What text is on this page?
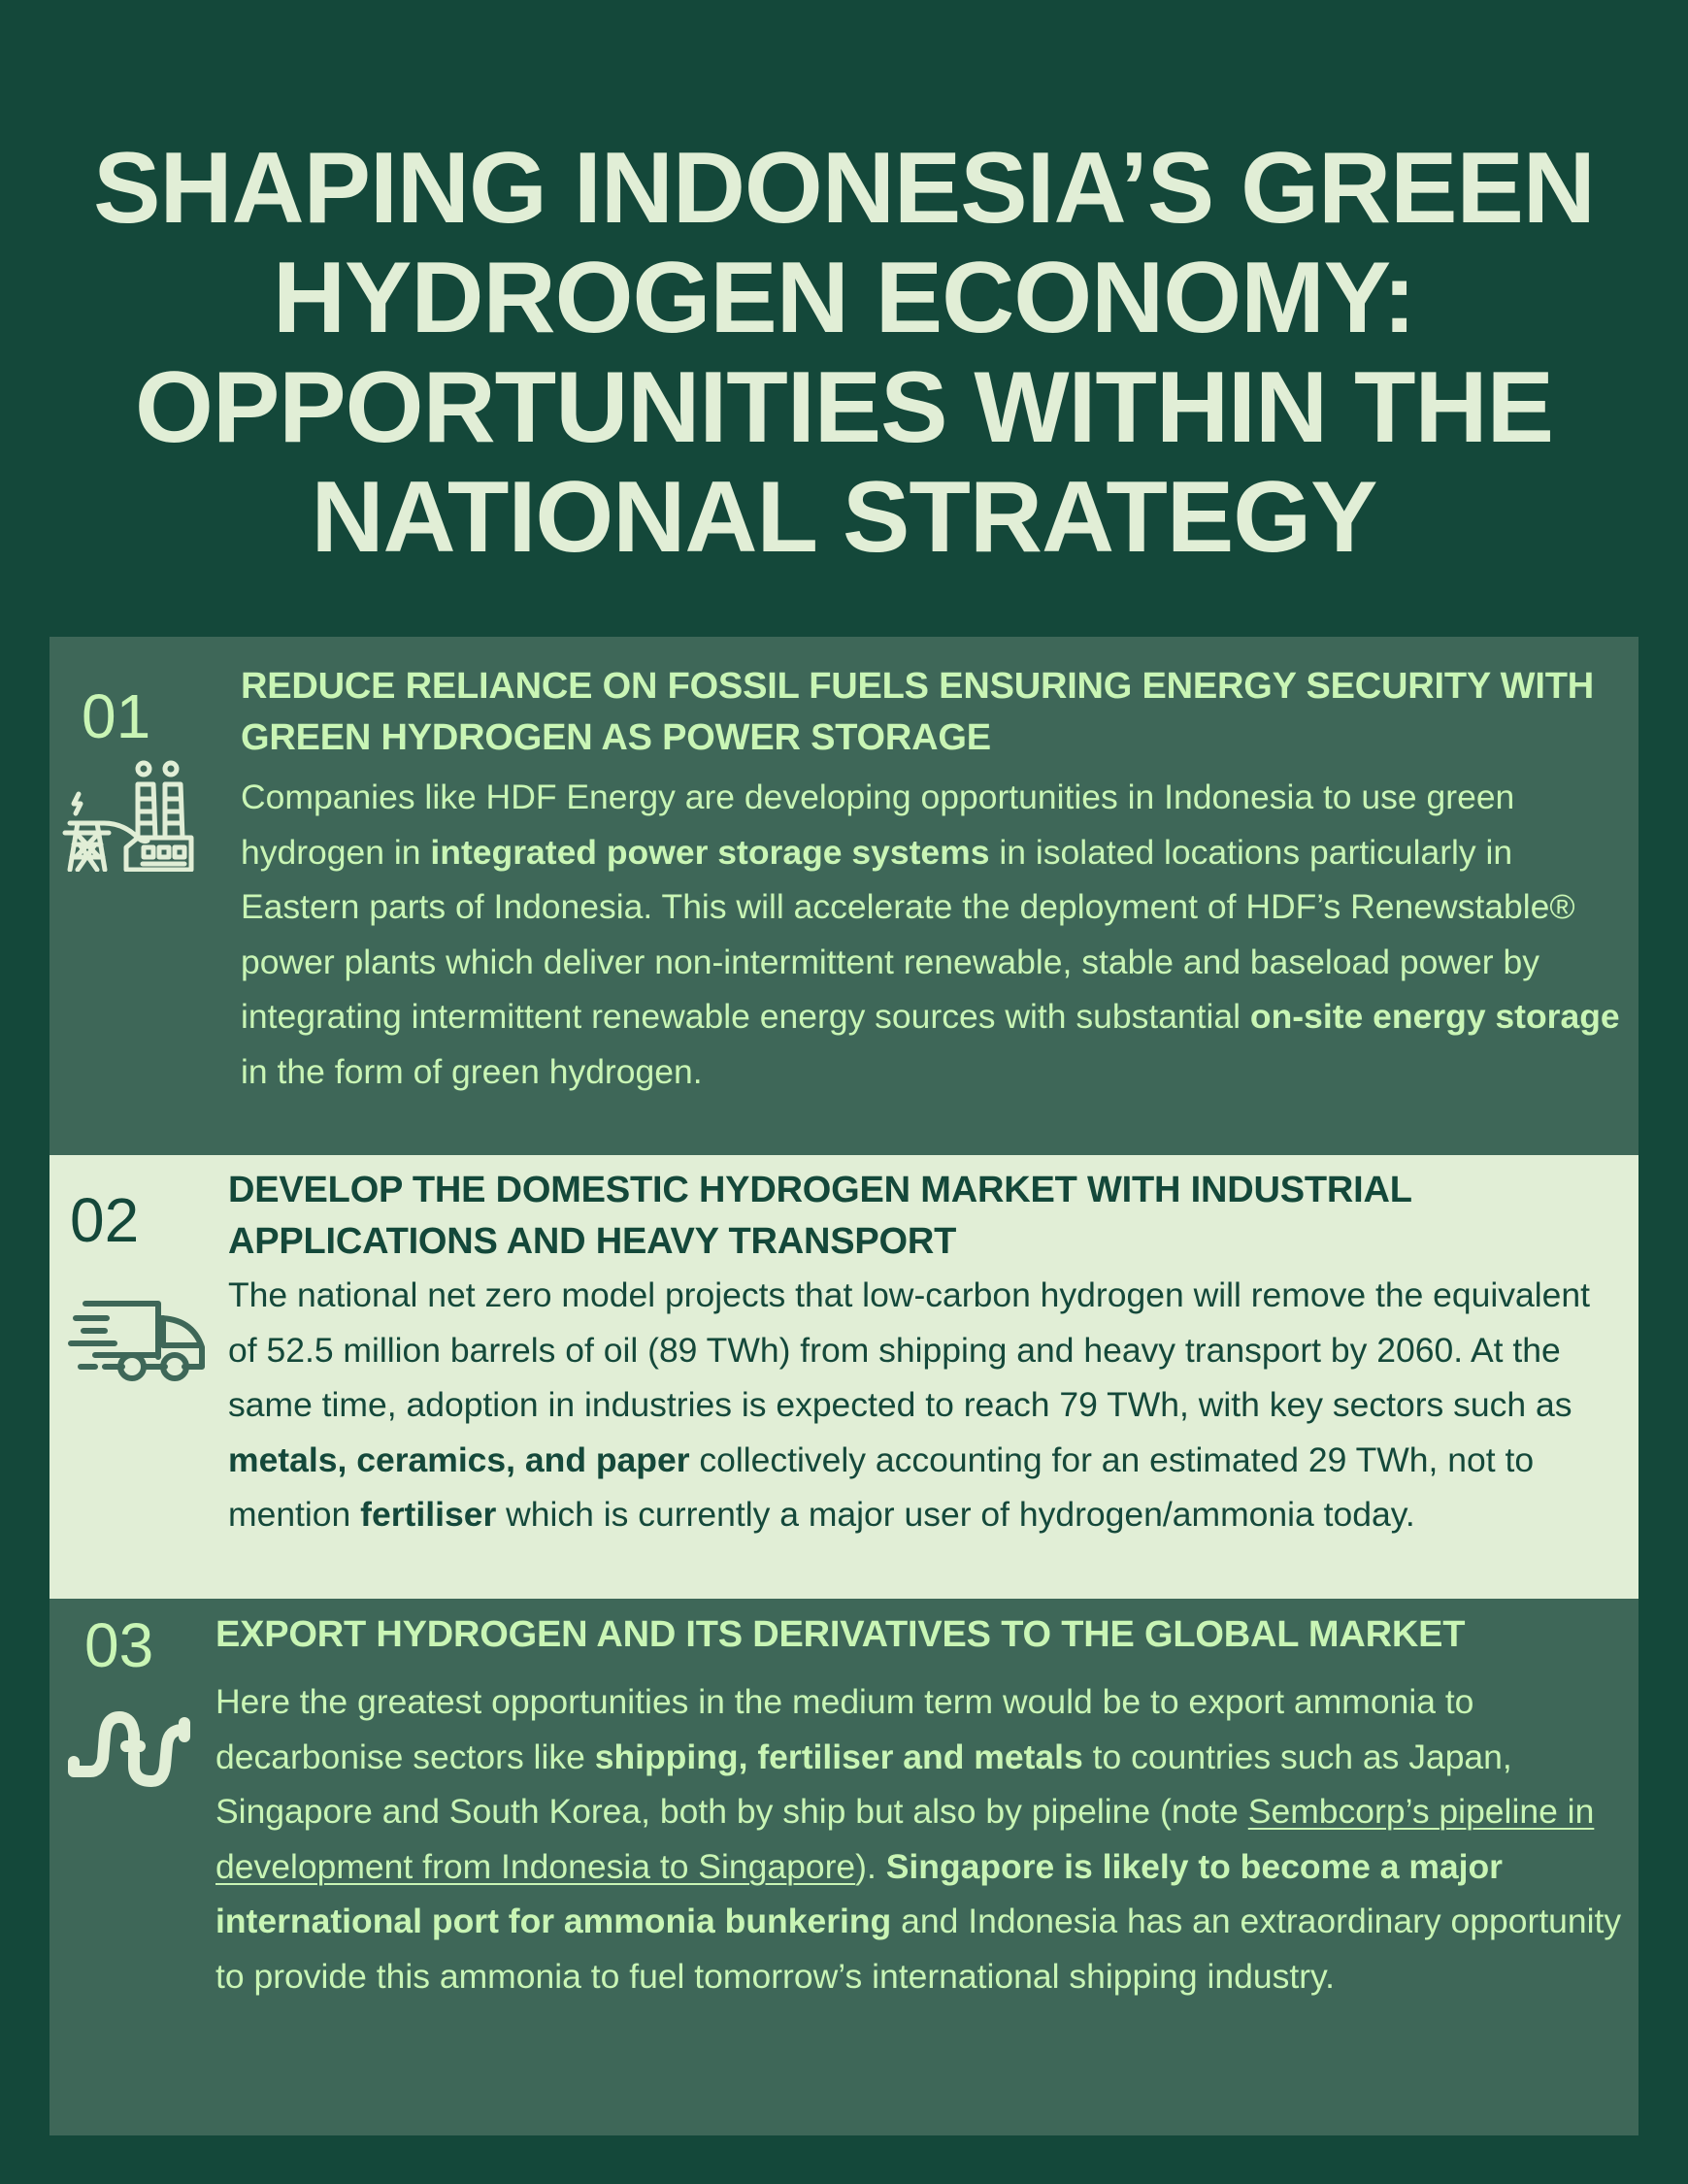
SHAPING INDONESIA’S GREEN HYDROGEN ECONOMY: OPPORTUNITIES WITHIN THE NATIONAL STRATEGY
01 REDUCE RELIANCE ON FOSSIL FUELS ENSURING ENERGY SECURITY WITH GREEN HYDROGEN AS POWER STORAGE

Companies like HDF Energy are developing opportunities in Indonesia to use green hydrogen in integrated power storage systems in isolated locations particularly in Eastern parts of Indonesia. This will accelerate the deployment of HDF’s Renewstable® power plants which deliver non-intermittent renewable, stable and baseload power by integrating intermittent renewable energy sources with substantial on-site energy storage in the form of green hydrogen.

02 DEVELOP THE DOMESTIC HYDROGEN MARKET WITH INDUSTRIAL APPLICATIONS AND HEAVY TRANSPORT

The national net zero model projects that low-carbon hydrogen will remove the equivalent of 52.5 million barrels of oil (89 TWh) from shipping and heavy transport by 2060. At the same time, adoption in industries is expected to reach 79 TWh, with key sectors such as metals, ceramics, and paper collectively accounting for an estimated 29 TWh, not to mention fertiliser which is currently a major user of hydrogen/ammonia today.

03 EXPORT HYDROGEN AND ITS DERIVATIVES TO THE GLOBAL MARKET

Here the greatest opportunities in the medium term would be to export ammonia to decarbonise sectors like shipping, fertiliser and metals to countries such as Japan, Singapore and South Korea, both by ship but also by pipeline (note Sembcorp’s pipeline in development from Indonesia to Singapore). Singapore is likely to become a major international port for ammonia bunkering and Indonesia has an extraordinary opportunity to provide this ammonia to fuel tomorrow’s international shipping industry.
